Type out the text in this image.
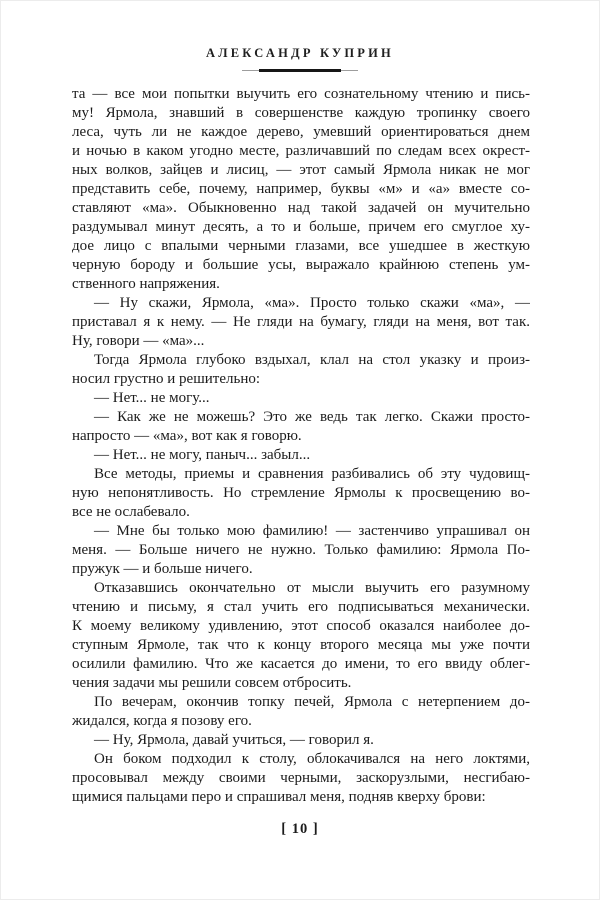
АЛЕКСАНДР КУПРИН
та — все мои попытки выучить его сознательному чтению и пись-
му! Ярмола, знавший в совершенстве каждую тропинку своего
леса, чуть ли не каждое дерево, умевший ориентироваться днем
и ночью в каком угодно месте, различавший по следам всех окрест-
ных волков, зайцев и лисиц, — этот самый Ярмола никак не мог
представить себе, почему, например, буквы «м» и «а» вместе со-
ставляют «ма». Обыкновенно над такой задачей он мучительно
раздумывал минут десять, а то и больше, причем его смуглое ху-
дое лицо с впалыми черными глазами, все ушедшее в жесткую
черную бороду и большие усы, выражало крайнюю степень ум-
ственного напряжения.
— Ну скажи, Ярмола, «ма». Просто только скажи «ма», —
приставал я к нему. — Не гляди на бумагу, гляди на меня, вот так.
Ну, говори — «ма»...
Тогда Ярмола глубоко вздыхал, клал на стол указку и произ-
носил грустно и решительно:
— Нет... не могу...
— Как же не можешь? Это же ведь так легко. Скажи просто-
напросто — «ма», вот как я говорю.
— Нет... не могу, паныч... забыл...
Все методы, приемы и сравнения разбивались об эту чудовищ-
ную непонятливость. Но стремление Ярмолы к просвещению во-
все не ослабевало.
— Мне бы только мою фамилию! — застенчиво упрашивал он
меня. — Больше ничего не нужно. Только фамилию: Ярмола По-
пружук — и больше ничего.
Отказавшись окончательно от мысли выучить его разумному
чтению и письму, я стал учить его подписываться механически.
К моему великому удивлению, этот способ оказался наиболее до-
ступным Ярмоле, так что к концу второго месяца мы уже почти
осилили фамилию. Что же касается до имени, то его ввиду облег-
чения задачи мы решили совсем отбросить.
По вечерам, окончив топку печей, Ярмола с нетерпением до-
жидался, когда я позову его.
— Ну, Ярмола, давай учиться, — говорил я.
Он боком подходил к столу, облокачивался на него локтями,
просовывал между своими черными, заскорузлыми, несгибаю-
щимися пальцами перо и спрашивал меня, подняв кверху брови:
[ 10 ]
